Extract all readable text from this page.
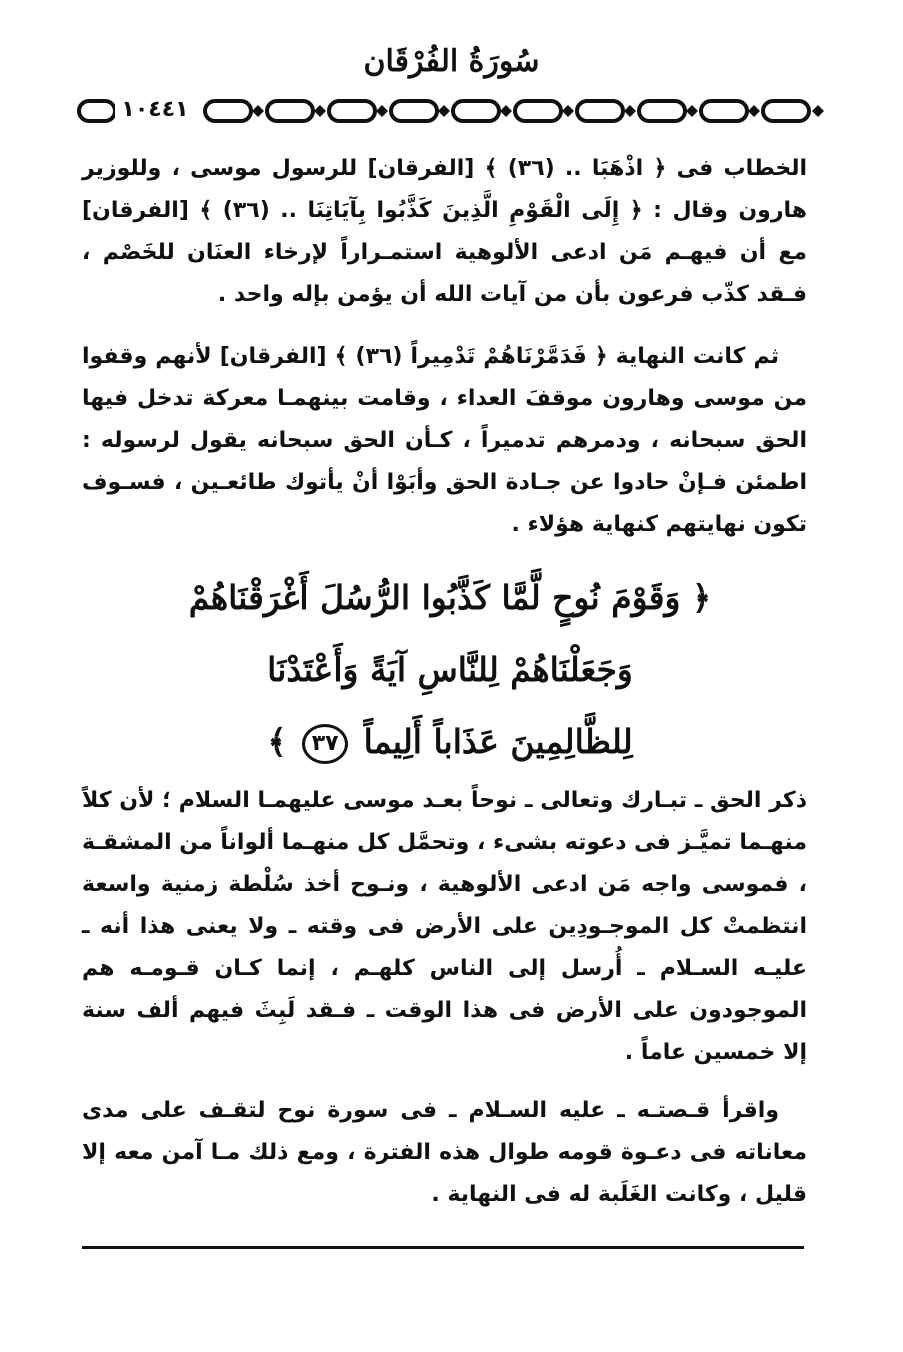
سُورَةُ الفُرْقَان
١٠٤٤١

الخطاب فى ﴿ اذْهَبَا .. (٣٦) ﴾ [الفرقان] للرسول موسى ، وللوزير هارون وقال : ﴿ إِلَى الْقَوْمِ الَّذِينَ كَذَّبُوا بِآيَاتِنَا .. (٣٦) ﴾ [الفرقان] مع أن فيهـم مَن ادعى الألوهية استمـراراً لإرخاء العنَان للخَصْم ، فـقد كذّب فرعون بأن من آيات الله أن يؤمن بإله واحد .

ثم كانت النهاية ﴿ فَدَمَّرْنَاهُمْ تَدْمِيراً (٣٦) ﴾ [الفرقان] لأنهم وقفوا من موسى وهارون موقفَ العداء ، وقامت بينهمـا معركة تدخل فيها الحق سبحانه ، ودمرهم تدميراً ، كـأن الحق سبحانه يقول لرسوله : اطمئن فـإنْ حادوا عن جـادة الحق وأبَوْا أنْ يأتوك طائعـين ، فسـوف تكون نهايتهم كنهاية هؤلاء .

﴿ وَقَوْمَ نُوحٍ لَّمَّا كَذَّبُوا الرُّسُلَ أَغْرَقْنَاهُمْ
وَجَعَلْنَاهُمْ لِلنَّاسِ آيَةً وَأَعْتَدْنَا
لِلظَّالِمِينَ عَذَاباً أَلِيماً ٣٧ ﴾

ذكر الحق ـ تبـارك وتعالى ـ نوحاً بعـد موسى عليهمـا السلام ؛ لأن كلاً منهـما تميَّـز فى دعوته بشىء ، وتحمَّل كل منهـما ألواناً من المشقـة ، فموسى واجه مَن ادعى الألوهية ، ونـوح أخذ سُلْطة زمنية واسعة انتظمتْ كل الموجـودِين على الأرض فى وقته ـ ولا يعنى هذا أنه ـ عليـه السـلام ـ أُرسل إلى الناس كلهـم ، إنما كـان قـومـه هم الموجودون على الأرض فى هذا الوقت ـ فـقد لَبِثَ فيهم ألف سنة إلا خمسين عاماً .

واقرأ قـصتـه ـ عليه السـلام ـ فى سورة نوح لتقـف على مدى معاناته فى دعـوة قومه طوال هذه الفترة ، ومع ذلك مـا آمن معه إلا قليل ، وكانت الغَلَبة له فى النهاية .
